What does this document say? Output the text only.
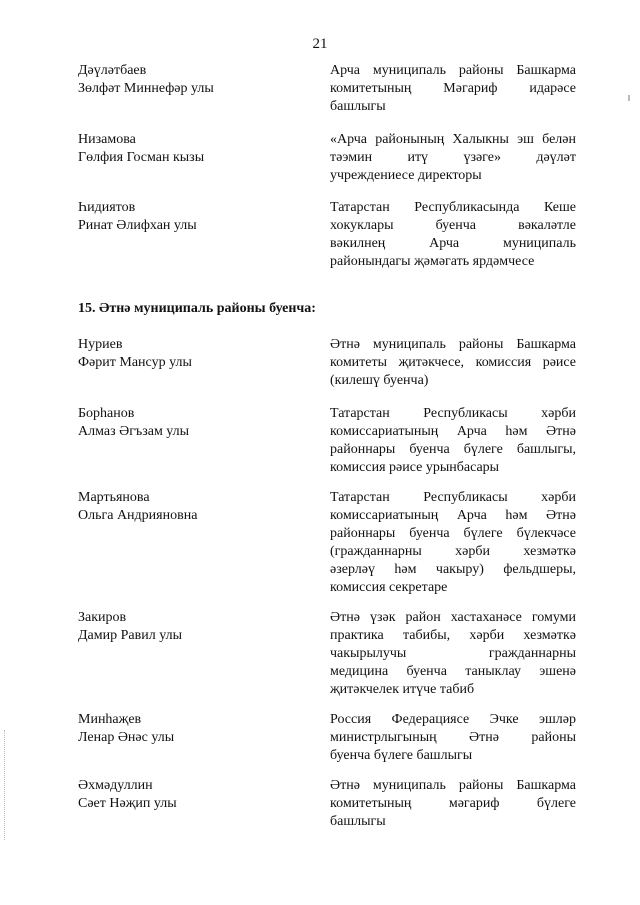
21
Дәүләтбаев
Зөлфәт Миннефәр улы
Арча муниципаль районы Башкарма
комитетының Мәгариф идарәсе
башлыгы
Низамова
Гөлфия Госман кызы
«Арча районының Халыкны эш белән
тәэмин итү үзәге» дәүләт
учреждениесе директоры
Һидиятов
Ринат Әлифхан улы
Татарстан Республикасында Кеше
хокуклары буенча вәкаләтле
вәкилнең Арча муниципаль
районындагы җәмәгать ярдәмчесе
15. Әтнә муниципаль районы буенча:
Нуриев
Фәрит Мансур улы
Әтнә муниципаль районы Башкарма
комитеты җитәкчесе, комиссия рәисе
(килешү буенча)
Борһанов
Алмаз Әгъзам улы
Татарстан Республикасы хәрби
комиссариатының Арча һәм Әтнә
районнары буенча бүлеге башлыгы,
комиссия рәисе урынбасары
Мартьянова
Ольга Андрияновна
Татарстан Республикасы хәрби
комиссариатының Арча һәм Әтнә
районнары буенча бүлеге бүлекчәсе
(гражданнарны хәрби хезмәткә
әзерләү һәм чакыру) фельдшеры,
комиссия секретаре
Закиров
Дамир Равил улы
Әтнә үзәк район хастаханәсе гомуми
практика табибы, хәрби хезмәткә
чакырылучы гражданнарны
медицина буенча таныклау эшенә
җитәкчелек итүче табиб
Минһаҗев
Ленар Әнәс улы
Россия Федерациясе Эчке эшләр
министрлыгының Әтнә районы
буенча бүлеге башлыгы
Әхмәдуллин
Сәет Нәҗип улы
Әтнә муниципаль районы Башкарма
комитетының мәгариф бүлеге
башлыгы
